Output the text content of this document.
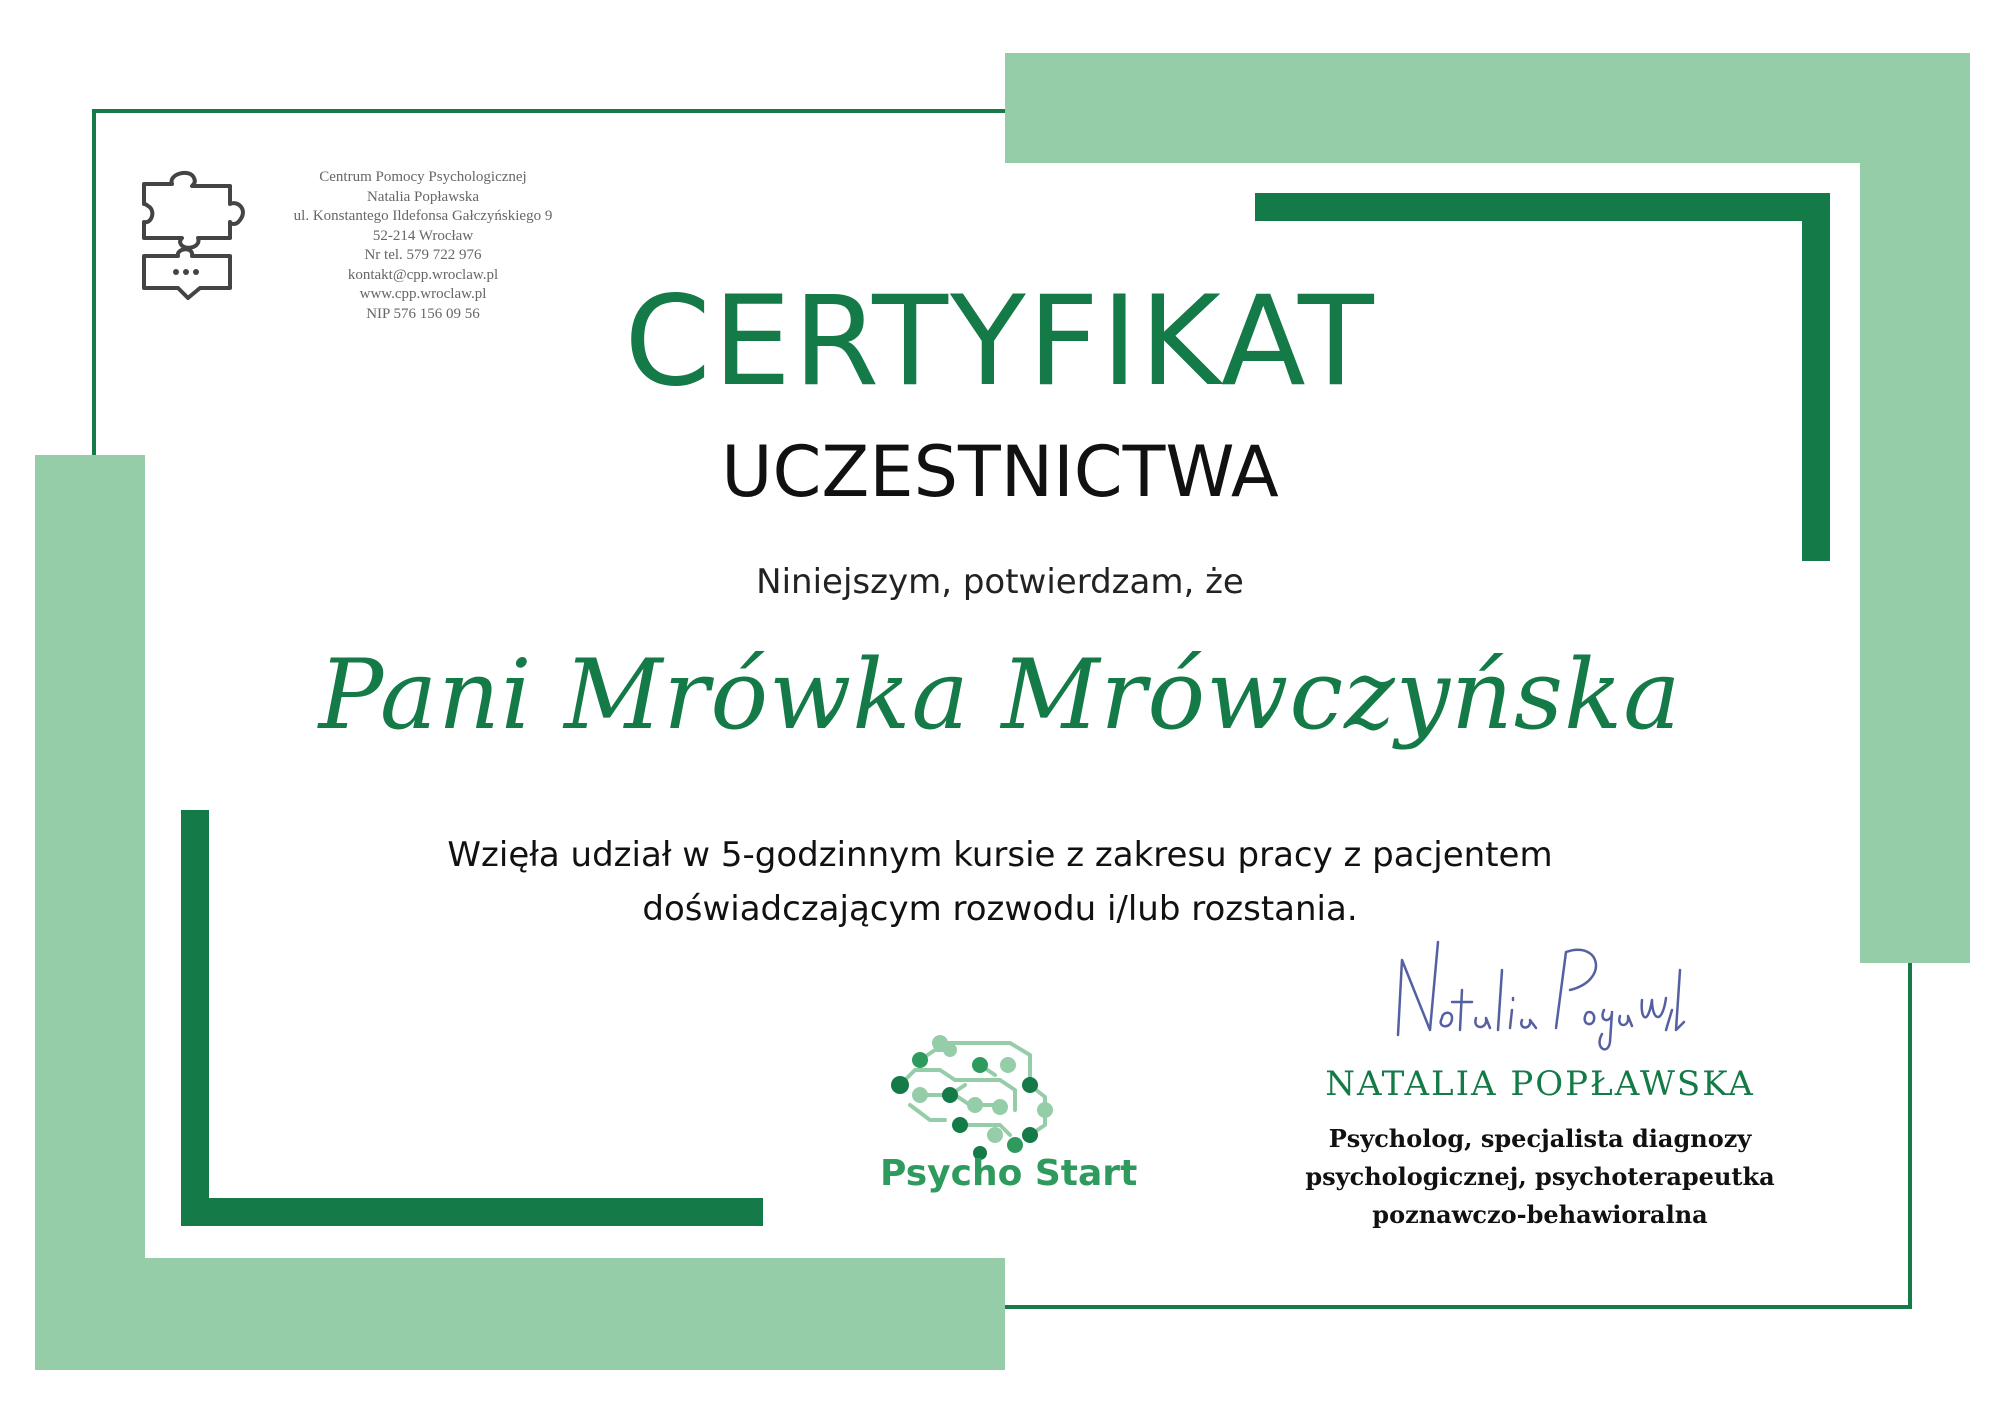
Centrum Pomocy Psychologicznej
Natalia Popławska
ul. Konstantego Ildefonsa Gałczyńskiego 9
52-214 Wrocław
Nr tel. 579 722 976
kontakt@cpp.wroclaw.pl
www.cpp.wroclaw.pl
NIP 576 156 09 56	CERTYFIKAT
UCZESTNICTWA
Niniejszym, potwierdzam, że
Pani Mrówka Mrówczyńska
Wzięła udział w 5-godzinnym kursie z zakresu pracy z pacjentem
doświadczającym rozwodu i/lub rozstania.
Psycho Start
NATALIA POPŁAWSKA
Psycholog, specjalista diagnozy
psychologicznej, psychoterapeutka
poznawczo-behawioralna
